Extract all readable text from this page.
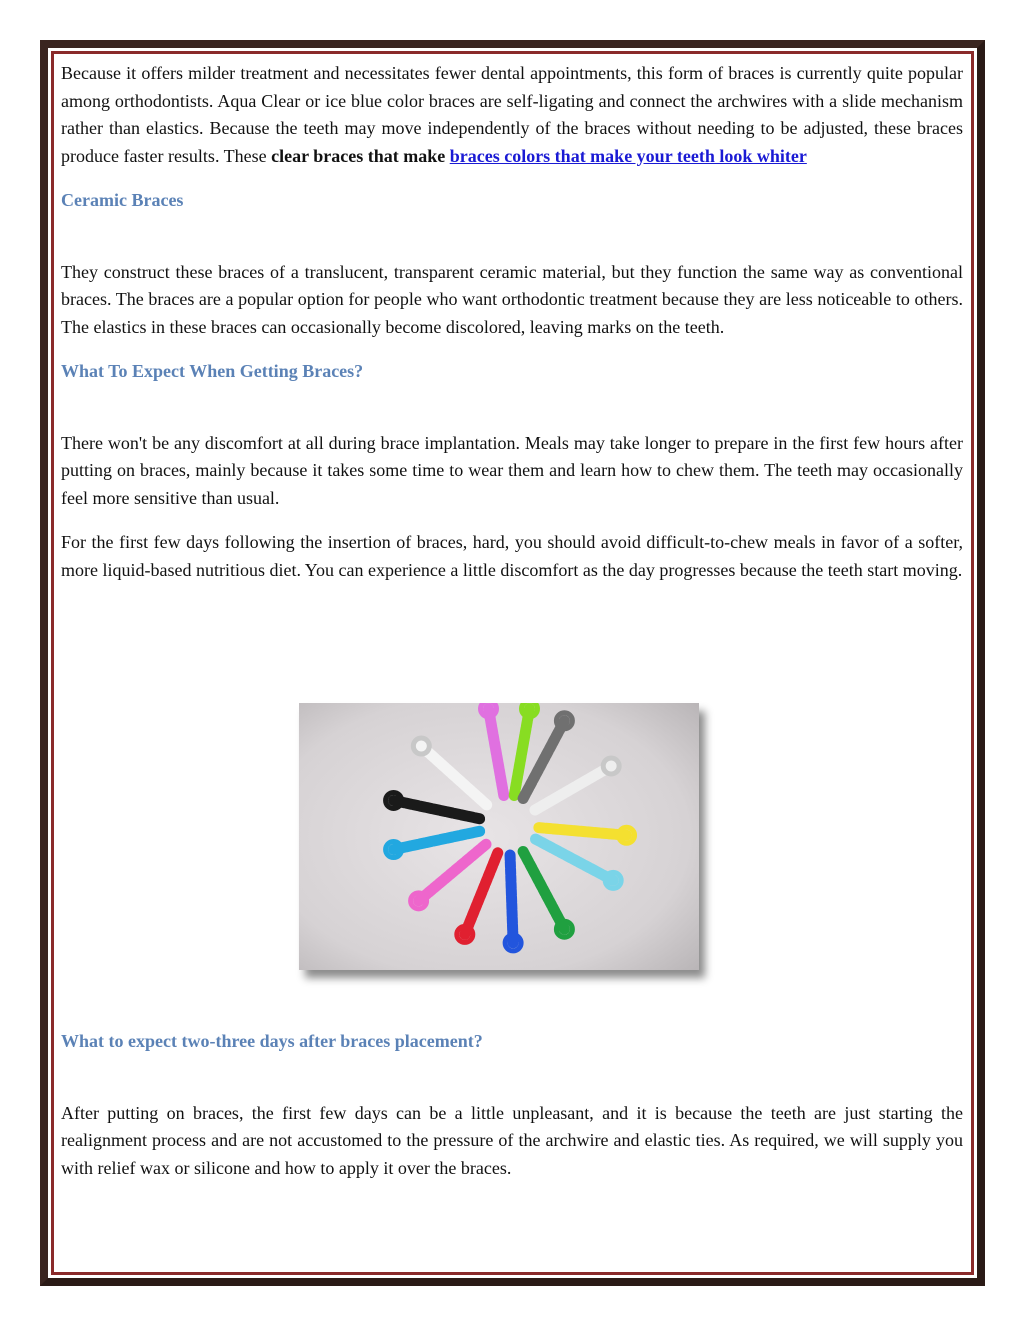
Because it offers milder treatment and necessitates fewer dental appointments, this form of braces is currently quite popular among orthodontists. Aqua Clear or ice blue color braces are self-ligating and connect the archwires with a slide mechanism rather than elastics. Because the teeth may move independently of the braces without needing to be adjusted, these braces produce faster results. These clear braces that make braces colors that make your teeth look whiter

Ceramic Braces

They construct these braces of a translucent, transparent ceramic material, but they function the same way as conventional braces. The braces are a popular option for people who want orthodontic treatment because they are less noticeable to others. The elastics in these braces can occasionally become discolored, leaving marks on the teeth.

What To Expect When Getting Braces?

There won't be any discomfort at all during brace implantation. Meals may take longer to prepare in the first few hours after putting on braces, mainly because it takes some time to wear them and learn how to chew them. The teeth may occasionally feel more sensitive than usual.

For the first few days following the insertion of braces, hard, you should avoid difficult-to-chew meals in favor of a softer, more liquid-based nutritious diet. You can experience a little discomfort as the day progresses because the teeth start moving.

What to expect two-three days after braces placement?

After putting on braces, the first few days can be a little unpleasant, and it is because the teeth are just starting the realignment process and are not accustomed to the pressure of the archwire and elastic ties. As required, we will supply you with relief wax or silicone and how to apply it over the braces.
